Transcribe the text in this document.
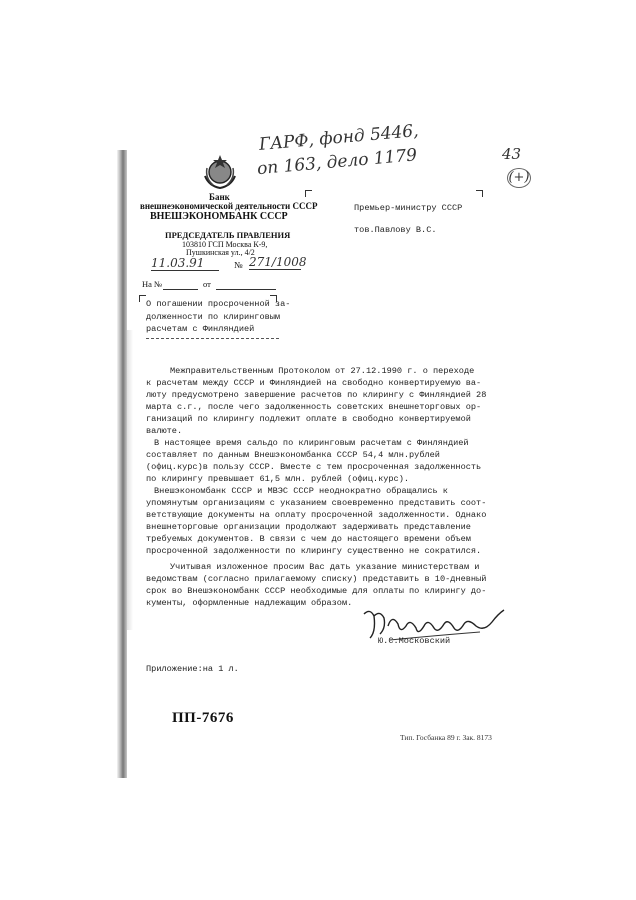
ГАРФ, фонд 5446,
оп 163, дело 1179	43
(+)
Банк
внешнеэкономической деятельности СССР
ВНЕШЭКОНОМБАНК СССР
ПРЕДСЕДАТЕЛЬ ПРАВЛЕНИЯ
103810 ГСП Москва К-9,
Пушкинская ул., 4/2
11.03.91	№ 271/1008
На №	от
Премьер-министру СССР
тов.Павлову В.С.
О погашении просроченной за-
долженности по клиринговым
расчетам с Финляндией

Межправительственным Протоколом от 27.12.1990 г. о переходе

к расчетам между СССР и Финляндией на свободно конвертируемую ва-

люту предусмотрено завершение расчетов по клирингу с Финляндией 28

марта с.г., после чего задолженность советских внешнеторговых ор-

ганизаций по клирингу подлежит оплате в свободно конвертируемой

валюте.

В настоящее время сальдо по клиринговым расчетам с Финляндией

составляет по данным Внешэкономбанка СССР 54,4 млн.рублей

(офиц.курс)в пользу СССР. Вместе с тем просроченная задолженность

по клирингу превышает 61,5 млн. рублей (офиц.курс).

Внешэкономбанк СССР и МВЭС СССР неоднократно обращались к

упомянутым организациям с указанием своевременно представить соот-

ветствующие документы на оплату просроченной задолженности. Однако

внешнеторговые организации продолжают задерживать представление

требуемых документов. В связи с чем до настоящего времени объем

просроченной задолженности по клирингу существенно не сократился.

Учитывая изложенное просим Вас дать указание министерствам и

ведомствам (согласно прилагаемому списку) представить в 10-дневный

срок во Внешэкономбанк СССР необходимые для оплаты по клирингу до-

кументы, оформленные надлежащим образом.

Ю.С.Московский
Приложение:на 1 л.
ПП-7676
Тип. Госбанка 89 г. Зак. 8173
